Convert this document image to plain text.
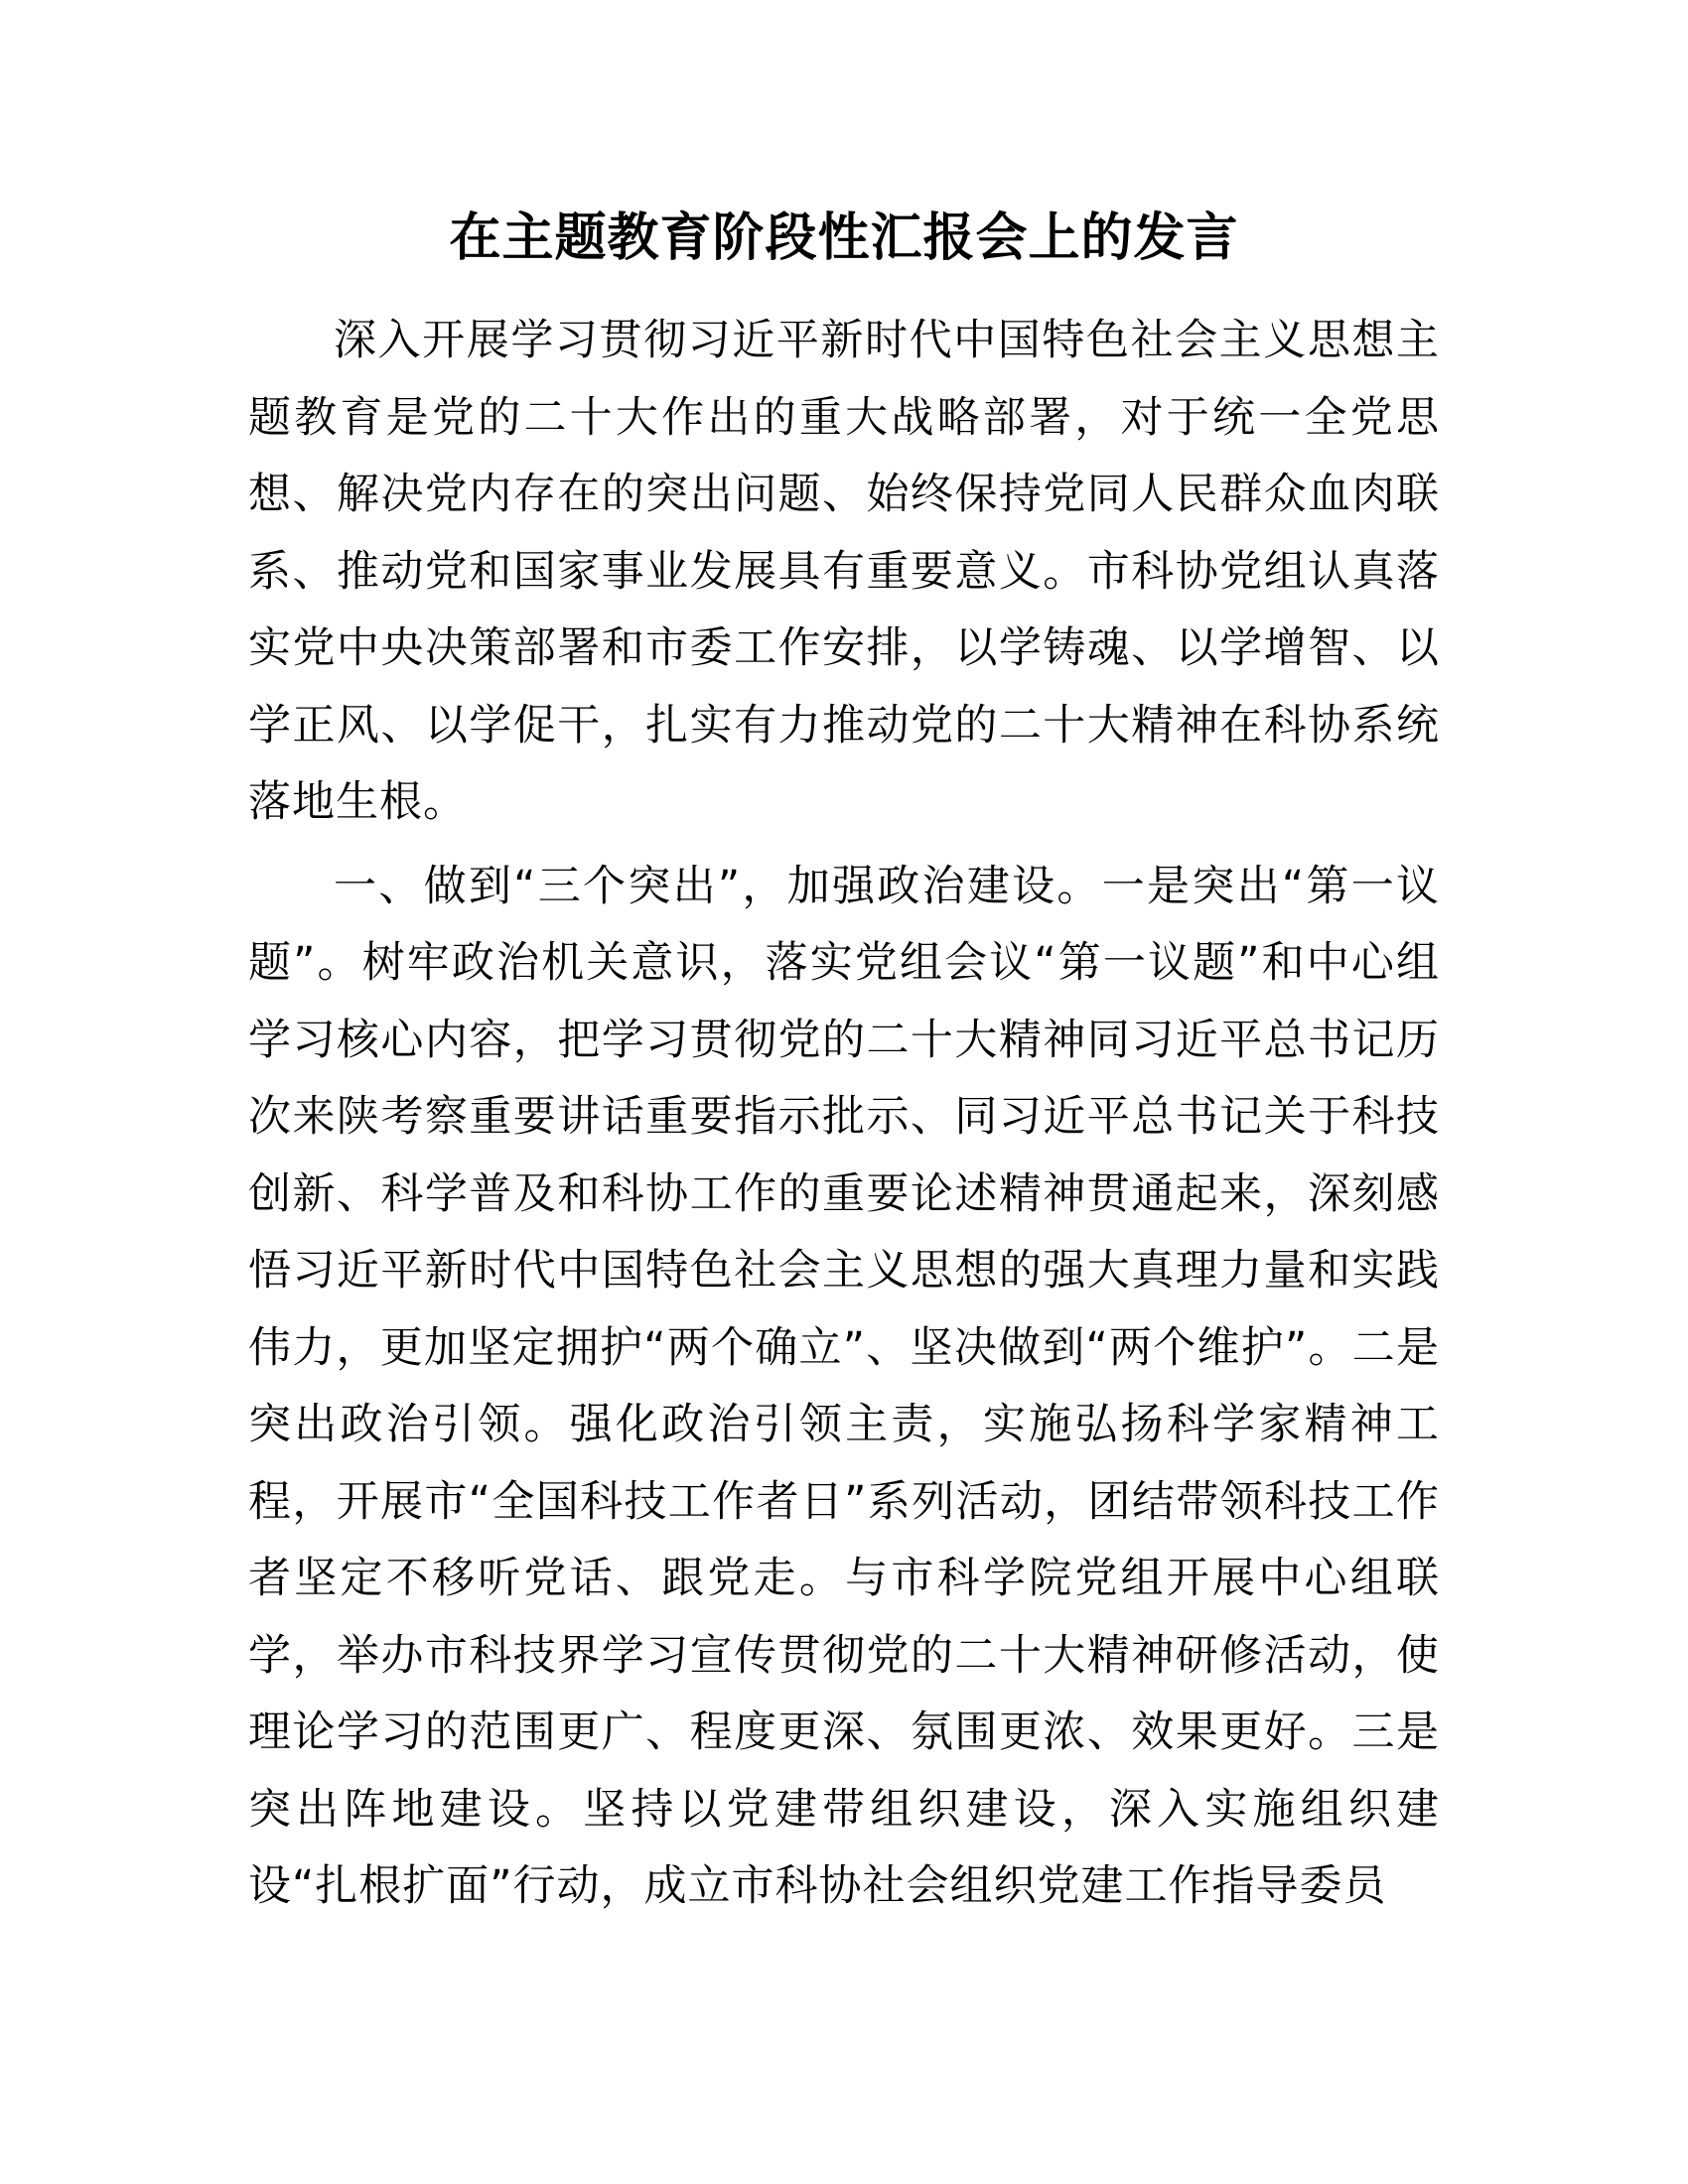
在主题教育阶段性汇报会上的发言

深入开展学习贯彻习近平新时代中国特色社会主义思想主题教育是党的二十大作出的重大战略部署，对于统一全党思想、解决党内存在的突出问题、始终保持党同人民群众血肉联系、推动党和国家事业发展具有重要意义。市科协党组认真落实党中央决策部署和市委工作安排，以学铸魂、以学增智、以学正风、以学促干，扎实有力推动党的二十大精神在科协系统落地生根。

一、做到“三个突出”，加强政治建设。一是突出“第一议题”。树牢政治机关意识，落实党组会议“第一议题”和中心组学习核心内容，把学习贯彻党的二十大精神同习近平总书记历次来陕考察重要讲话重要指示批示、同习近平总书记关于科技创新、科学普及和科协工作的重要论述精神贯通起来，深刻感悟习近平新时代中国特色社会主义思想的强大真理力量和实践伟力，更加坚定拥护“两个确立”、坚决做到“两个维护”。二是突出政治引领。强化政治引领主责，实施弘扬科学家精神工程，开展市“全国科技工作者日”系列活动，团结带领科技工作者坚定不移听党话、跟党走。与市科学院党组开展中心组联学，举办市科技界学习宣传贯彻党的二十大精神研修活动，使理论学习的范围更广、程度更深、氛围更浓、效果更好。三是突出阵地建设。坚持以党建带组织建设，深入实施组织建设“扎根扩面”行动，成立市科协社会组织党建工作指导委员
